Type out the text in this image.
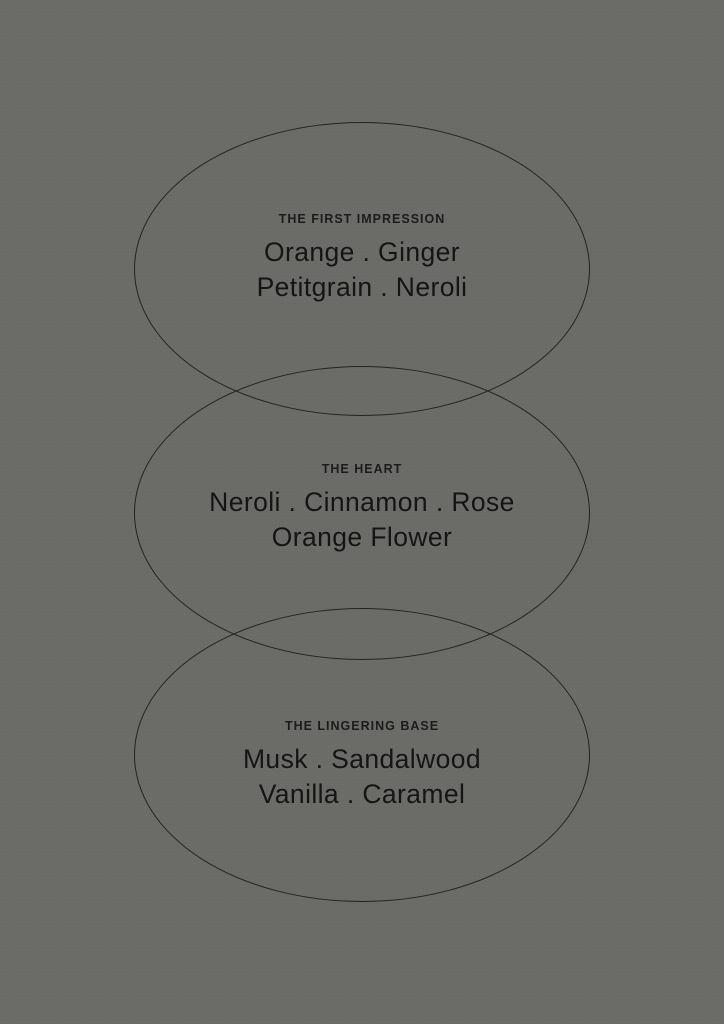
THE FIRST IMPRESSION
Orange . Ginger
Petitgrain . Neroli
THE HEART
Neroli . Cinnamon . Rose
Orange Flower
THE LINGERING BASE
Musk . Sandalwood
Vanilla . Caramel
